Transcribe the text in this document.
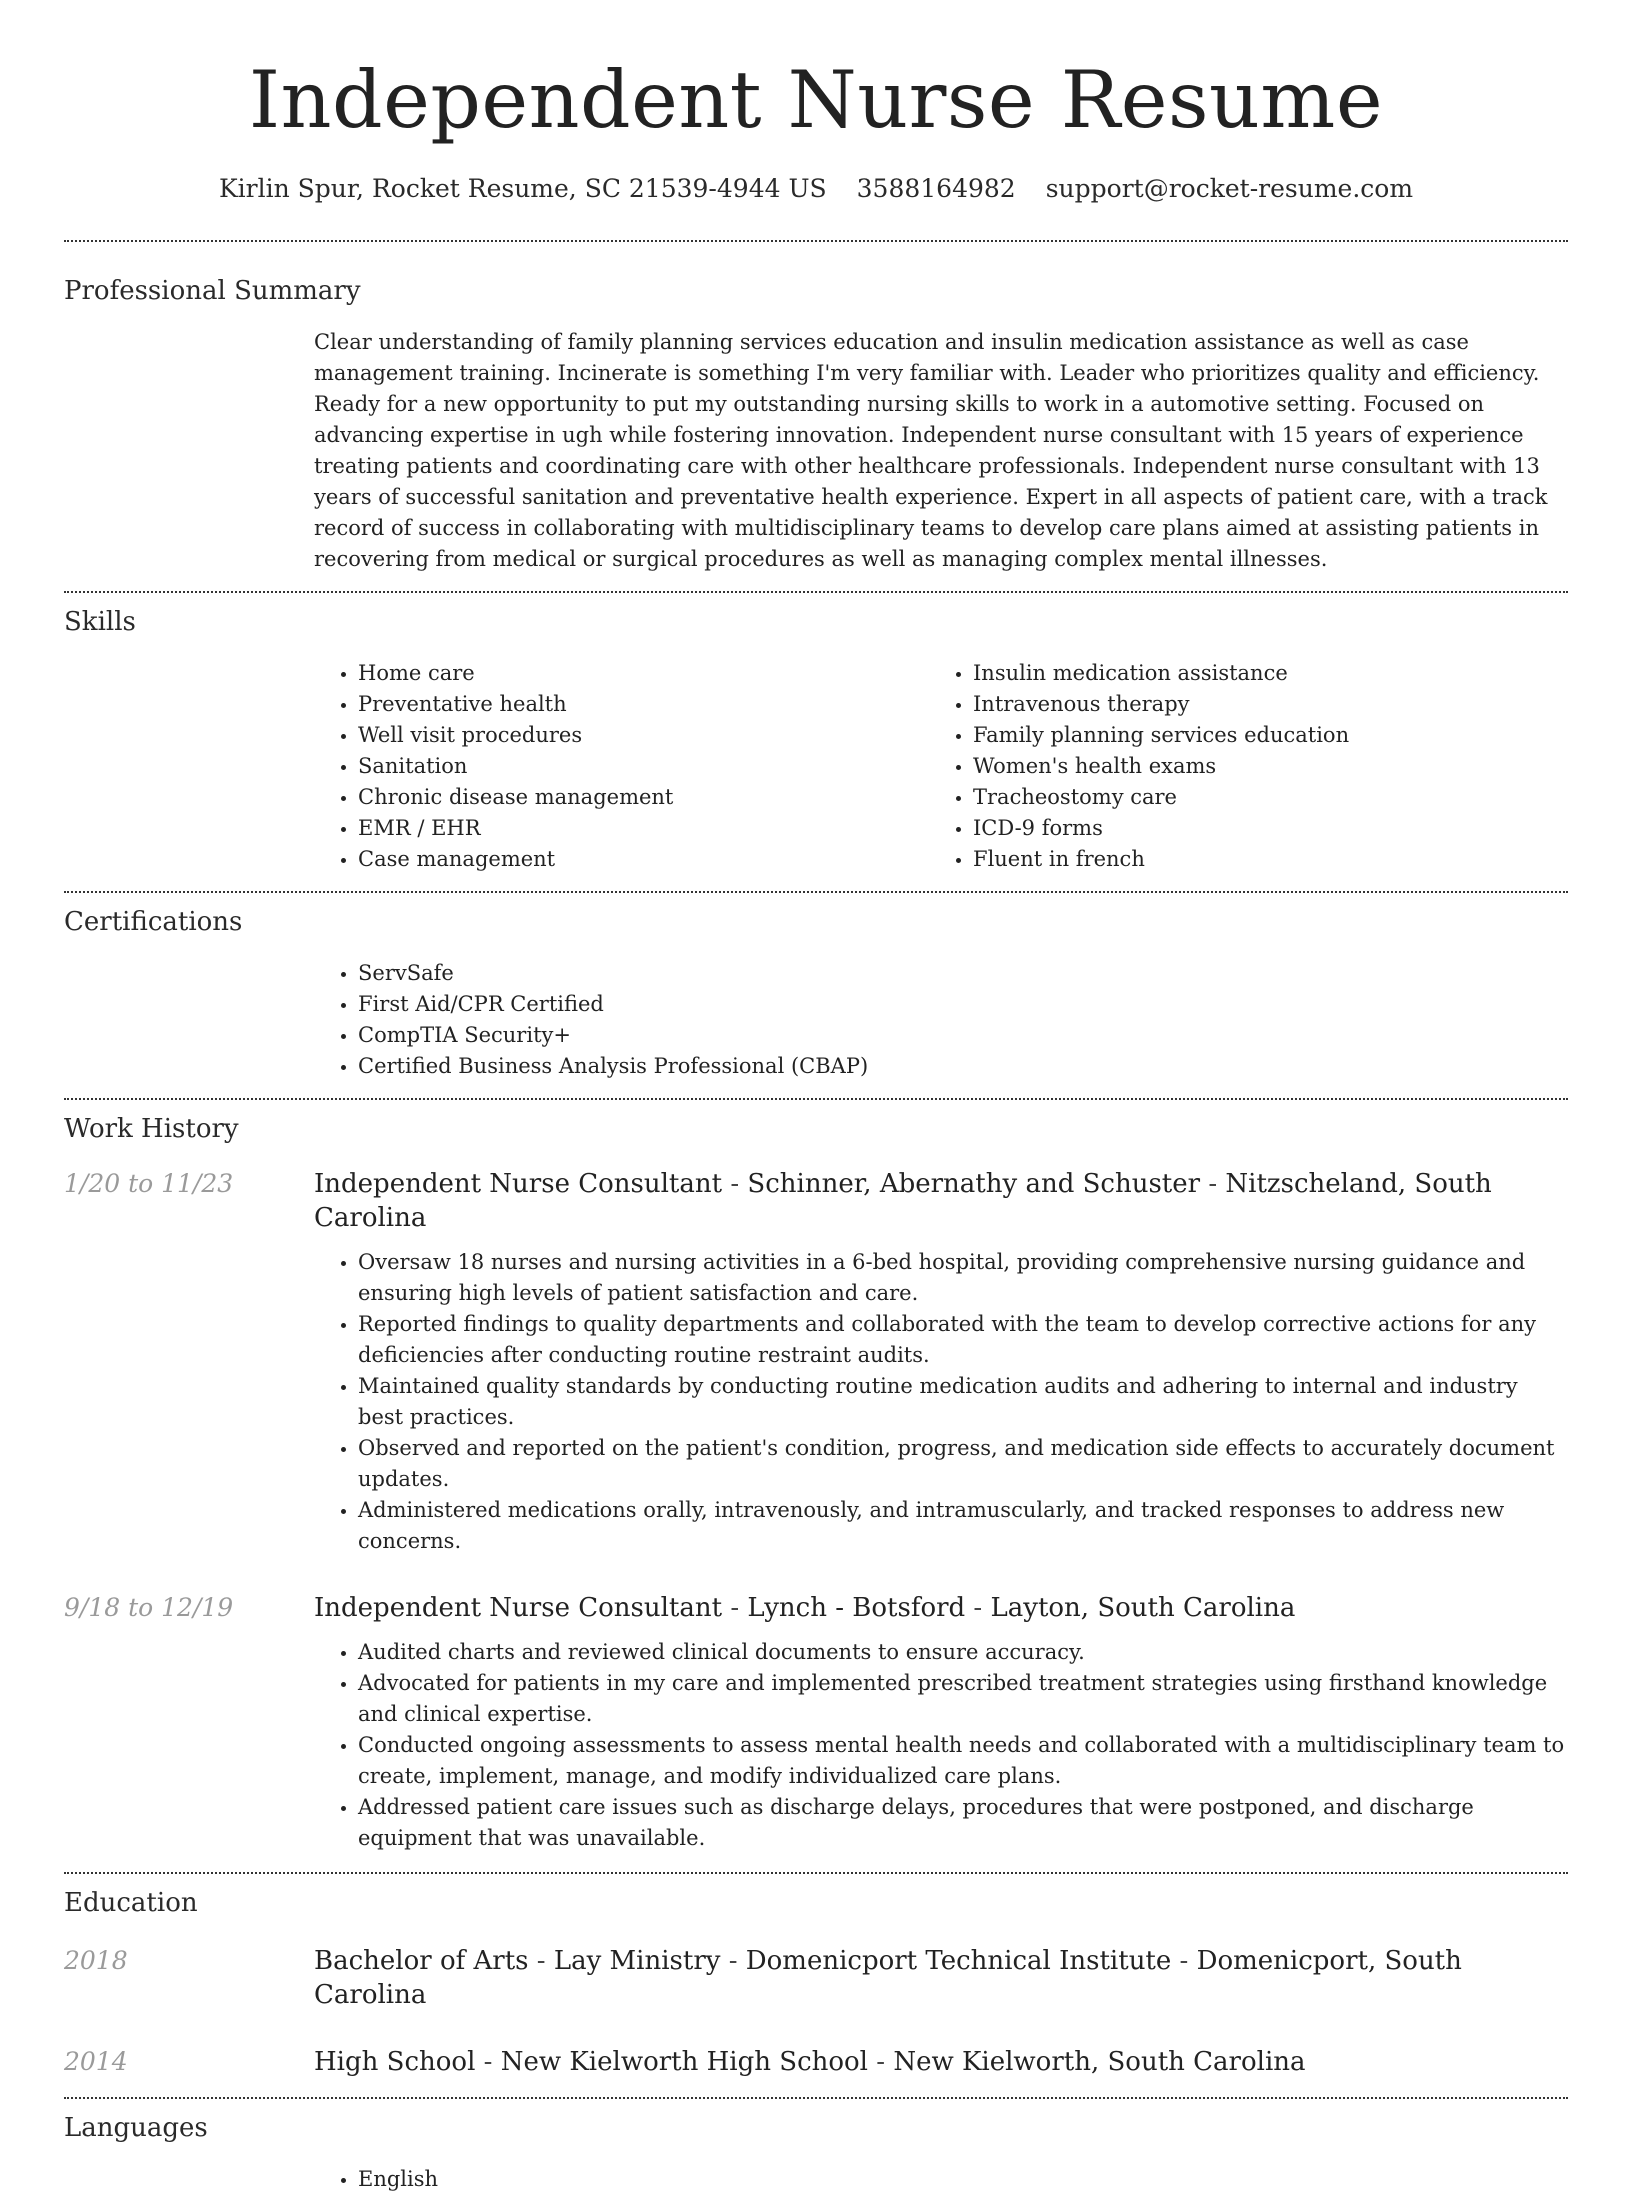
Independent Nurse Resume
Kirlin Spur, Rocket Resume, SC 21539-4944 US 3588164982 support@rocket-resume.com
Professional Summary

Clear understanding of family planning services education and insulin medication assistance as well as case management training. Incinerate is something I'm very familiar with. Leader who prioritizes quality and efficiency. Ready for a new opportunity to put my outstanding nursing skills to work in a automotive setting. Focused on advancing expertise in ugh while fostering innovation. Independent nurse consultant with 15 years of experience treating patients and coordinating care with other healthcare professionals. Independent nurse consultant with 13 years of successful sanitation and preventative health experience. Expert in all aspects of patient care, with a track record of success in collaborating with multidisciplinary teams to develop care plans aimed at assisting patients in recovering from medical or surgical procedures as well as managing complex mental illnesses.

Skills
• Home care
• Preventative health
• Well visit procedures
• Sanitation
• Chronic disease management
• EMR / EHR
• Case management
• Insulin medication assistance
• Intravenous therapy
• Family planning services education
• Women's health exams
• Tracheostomy care
• ICD-9 forms
• Fluent in french
Certifications
• ServSafe
• First Aid/CPR Certified
• CompTIA Security+
• Certified Business Analysis Professional (CBAP)
Work History
1/20 to 11/23	Independent Nurse Consultant - Schinner, Abernathy and Schuster - Nitzscheland, South Carolina

• Oversaw 18 nurses and nursing activities in a 6-bed hospital, providing comprehensive nursing guidance and ensuring high levels of patient satisfaction and care.
• Reported findings to quality departments and collaborated with the team to develop corrective actions for any deficiencies after conducting routine restraint audits.
• Maintained quality standards by conducting routine medication audits and adhering to internal and industry best practices.
• Observed and reported on the patient's condition, progress, and medication side effects to accurately document updates.
• Administered medications orally, intravenously, and intramuscularly, and tracked responses to address new concerns.
9/18 to 12/19	Independent Nurse Consultant - Lynch - Botsford - Layton, South Carolina

• Audited charts and reviewed clinical documents to ensure accuracy.
• Advocated for patients in my care and implemented prescribed treatment strategies using firsthand knowledge and clinical expertise.
• Conducted ongoing assessments to assess mental health needs and collaborated with a multidisciplinary team to create, implement, manage, and modify individualized care plans.
• Addressed patient care issues such as discharge delays, procedures that were postponed, and discharge equipment that was unavailable.
Education
2018	Bachelor of Arts - Lay Ministry - Domenicport Technical Institute - Domenicport, South Carolina

2014	High School - New Kielworth High School - New Kielworth, South Carolina

Languages
• English
